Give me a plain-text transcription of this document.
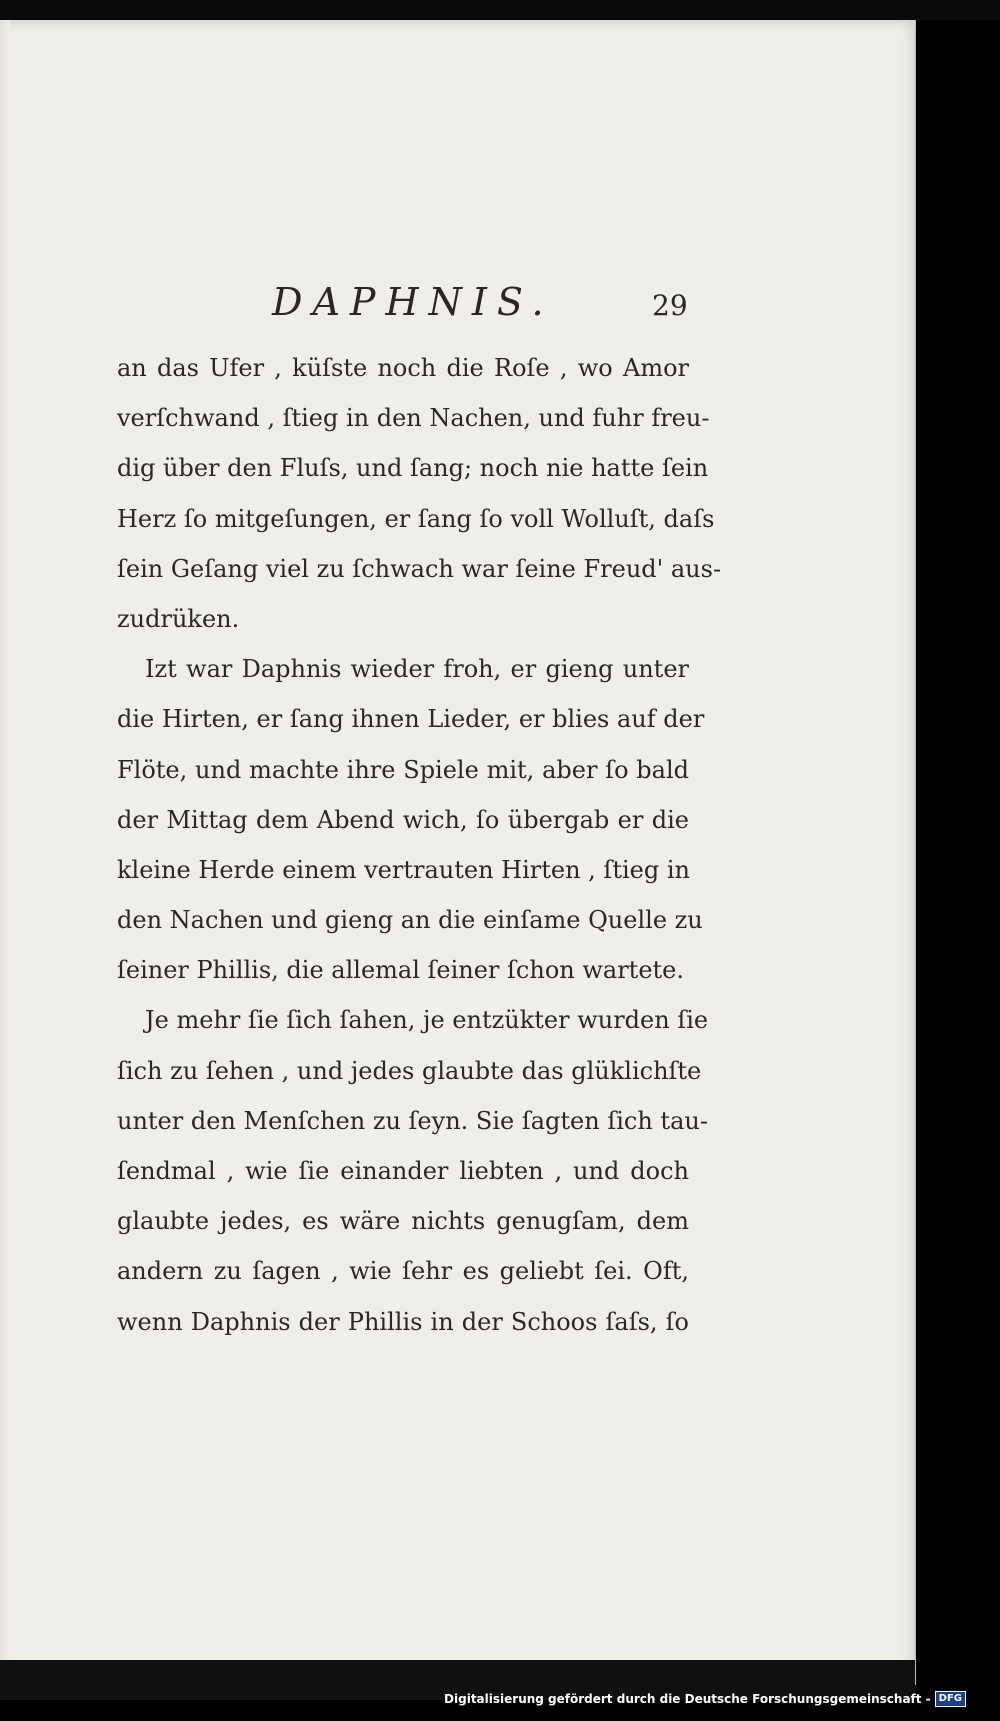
DAPHNIS.	29
an das Ufer , küſste noch die Roſe , wo Amor
verſchwand , ſtieg in den Nachen, und fuhr freu-
dig über den Fluſs, und ſang; noch nie hatte ſein
Herz ſo mitgeſungen, er ſang ſo voll Wolluſt, daſs
ſein Geſang viel zu ſchwach war ſeine Freud' aus-
zudrüken.
Izt war Daphnis wieder froh, er gieng unter
die Hirten, er ſang ihnen Lieder, er blies auf der
Flöte, und machte ihre Spiele mit, aber ſo bald
der Mittag dem Abend wich, ſo übergab er die
kleine Herde einem vertrauten Hirten , ſtieg in
den Nachen und gieng an die einſame Quelle zu
ſeiner Phillis, die allemal ſeiner ſchon wartete.
Je mehr ſie ſich ſahen, je entzükter wurden ſie
ſich zu ſehen , und jedes glaubte das glüklichſte
unter den Menſchen zu ſeyn. Sie ſagten ſich tau-
ſendmal , wie ſie einander liebten , und doch
glaubte jedes, es wäre nichts genugſam, dem
andern zu ſagen , wie ſehr es geliebt ſei. Oft,
wenn Daphnis der Phillis in der Schoos ſaſs, ſo
Digitalisierung gefördert durch die Deutsche Forschungsgemeinschaft - DFG
